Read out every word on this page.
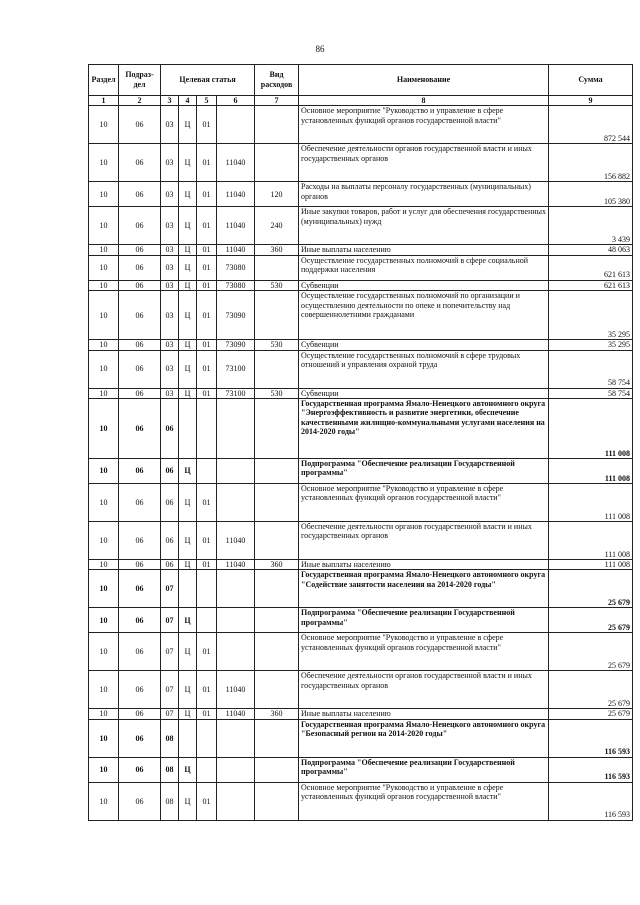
86
Раздел	Подраз-дел	Целевая статья				Вид расходов	Наименование	Сумма
1	2	3	4	5	6	7	8	9
10	06	03	Ц	01			Основное мероприятие "Руководство и управление в сфере установленных функций органов государственной власти"	872 544
10	06	03	Ц	01	11040		Обеспечение деятельности органов государственной власти и иных государственных органов	156 882
10	06	03	Ц	01	11040	120	Расходы на выплаты персоналу государственных (муниципальных) органов	105 380
10	06	03	Ц	01	11040	240	Иные закупки товаров, работ и услуг для обеспечения государственных (муниципальных) нужд	3 439
10	06	03	Ц	01	11040	360	Иные выплаты населению	48 063
10	06	03	Ц	01	73080		Осуществление государственных полномочий в сфере социальной поддержки населения	621 613
10	06	03	Ц	01	73080	530	Субвенции	621 613
10	06	03	Ц	01	73090		Осуществление государственных полномочий по организации и осуществлению деятельности по опеке и попечительству над совершеннолетними гражданами	35 295
10	06	03	Ц	01	73090	530	Субвенции	35 295
10	06	03	Ц	01	73100		Осуществление государственных полномочий в сфере трудовых отношений и управления охраной труда	58 754
10	06	03	Ц	01	73100	530	Субвенции	58 754
10	06	06					Государственная программа Ямало-Ненецкого автономного округа "Энергоэффективность и развитие энергетики, обеспечение качественными жилищно-коммунальными услугами населения на 2014-2020 годы"	111 008
10	06	06	Ц				Подпрограмма "Обеспечение реализации Государственной программы"	111 008
10	06	06	Ц	01			Основное мероприятие "Руководство и управление в сфере установленных функций органов государственной власти"	111 008
10	06	06	Ц	01	11040		Обеспечение деятельности органов государственной власти и иных государственных органов	111 008
10	06	06	Ц	01	11040	360	Иные выплаты населению	111 008
10	06	07					Государственная программа Ямало-Ненецкого автономного округа "Содействие занятости населения на 2014-2020 годы"	25 679
10	06	07	Ц				Подпрограмма "Обеспечение реализации Государственной программы"	25 679
10	06	07	Ц	01			Основное мероприятие "Руководство и управление в сфере установленных функций органов государственной власти"	25 679
10	06	07	Ц	01	11040		Обеспечение деятельности органов государственной власти и иных государственных органов	25 679
10	06	07	Ц	01	11040	360	Иные выплаты населению	25 679
10	06	08					Государственная программа Ямало-Ненецкого автономного округа "Безопасный регион на 2014-2020 годы"	116 593
10	06	08	Ц				Подпрограмма "Обеспечение реализации Государственной программы"	116 593
10	06	08	Ц	01			Основное мероприятие "Руководство и управление в сфере установленных функций органов государственной власти"	116 593
